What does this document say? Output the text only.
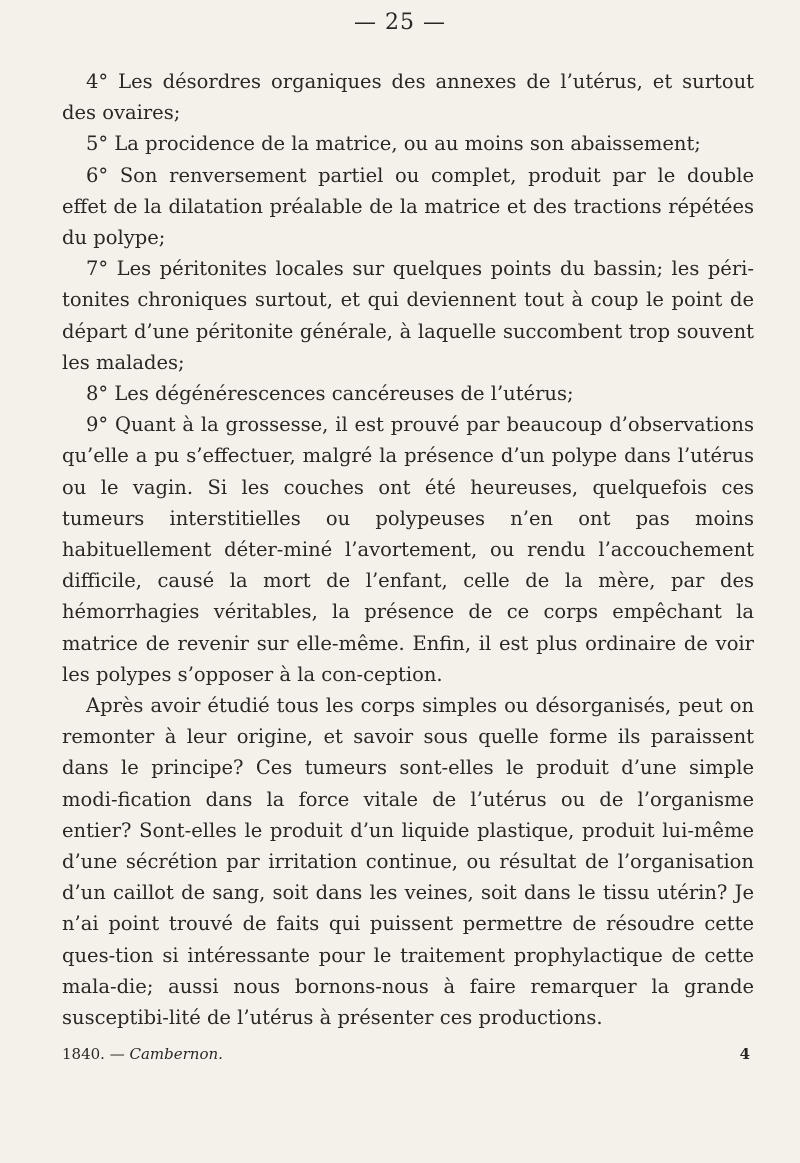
— 25 —

4° Les désordres organiques des annexes de l’utérus, et surtout des ovaires;

5° La procidence de la matrice, ou au moins son abaissement;

6° Son renversement partiel ou complet, produit par le double effet de la dilatation préalable de la matrice et des tractions répétées du polype;

7° Les péritonites locales sur quelques points du bassin; les péri-tonites chroniques surtout, et qui deviennent tout à coup le point de départ d’une péritonite générale, à laquelle succombent trop souvent les malades;

8° Les dégénérescences cancéreuses de l’utérus;

9° Quant à la grossesse, il est prouvé par beaucoup d’observations qu’elle a pu s’effectuer, malgré la présence d’un polype dans l’utérus ou le vagin. Si les couches ont été heureuses, quelquefois ces tumeurs interstitielles ou polypeuses n’en ont pas moins habituellement déter-miné l’avortement, ou rendu l’accouchement difficile, causé la mort de l’enfant, celle de la mère, par des hémorrhagies véritables, la présence de ce corps empêchant la matrice de revenir sur elle-même. Enfin, il est plus ordinaire de voir les polypes s’opposer à la con-ception.

Après avoir étudié tous les corps simples ou désorganisés, peut on remonter à leur origine, et savoir sous quelle forme ils paraissent dans le principe? Ces tumeurs sont-elles le produit d’une simple modi-fication dans la force vitale de l’utérus ou de l’organisme entier? Sont-elles le produit d’un liquide plastique, produit lui-même d’une sécrétion par irritation continue, ou résultat de l’organisation d’un caillot de sang, soit dans les veines, soit dans le tissu utérin? Je n’ai point trouvé de faits qui puissent permettre de résoudre cette ques-tion si intéressante pour le traitement prophylactique de cette mala-die; aussi nous bornons-nous à faire remarquer la grande susceptibi-lité de l’utérus à présenter ces productions.

1840. — Cambernon.	4
